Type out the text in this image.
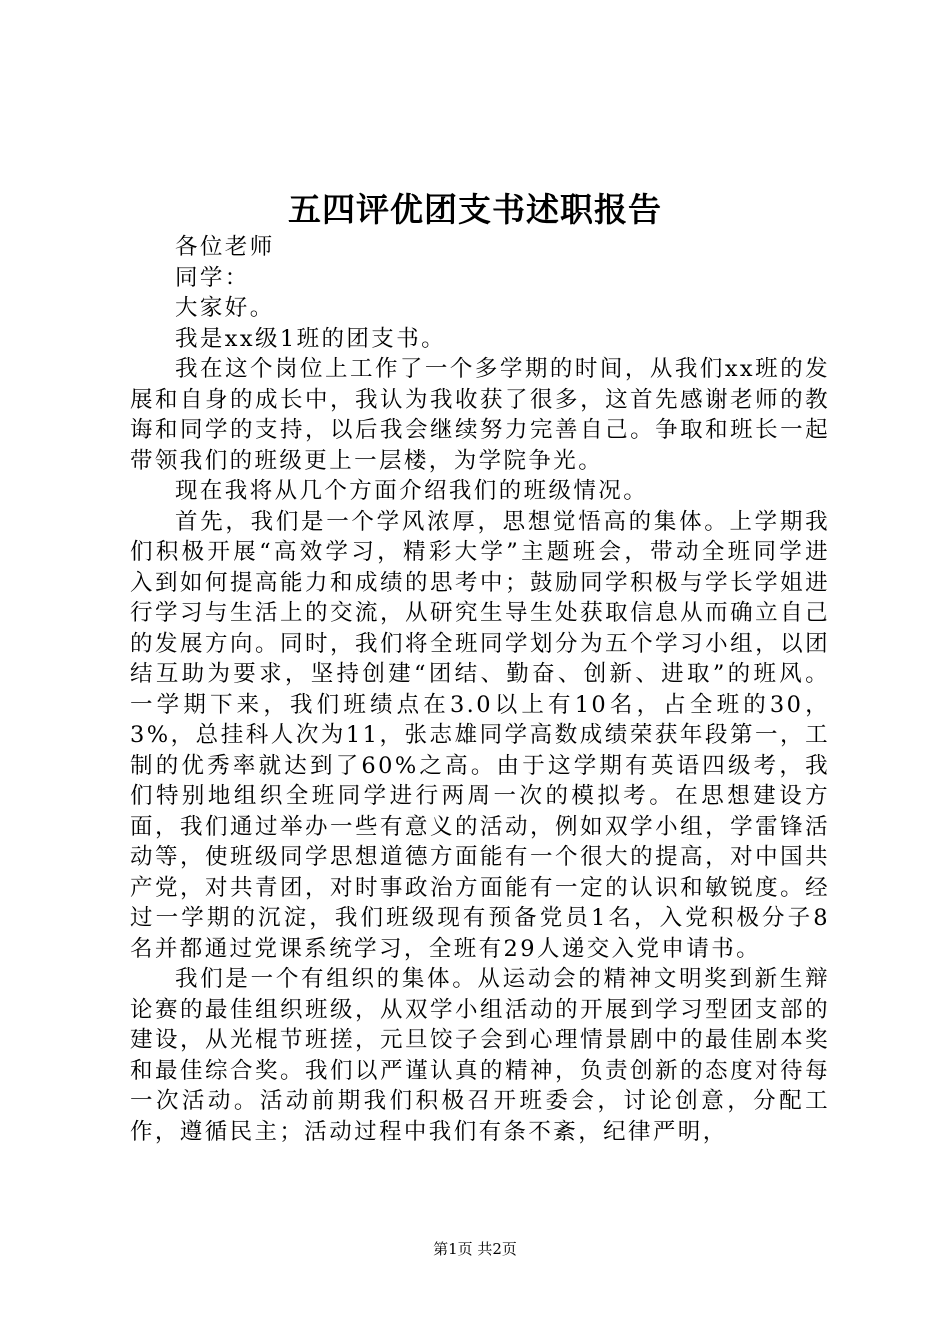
五四评优团支书述职报告

各位老师

同学：

大家好。

我是xx级1班的团支书。

我在这个岗位上工作了一个多学期的时间，从我们xx班的发展和自身的成长中，我认为我收获了很多，这首先感谢老师的教诲和同学的支持，以后我会继续努力完善自己。争取和班长一起带领我们的班级更上一层楼，为学院争光。

现在我将从几个方面介绍我们的班级情况。

首先，我们是一个学风浓厚，思想觉悟高的集体。上学期我们积极开展“高效学习，精彩大学”主题班会，带动全班同学进入到如何提高能力和成绩的思考中；鼓励同学积极与学长学姐进行学习与生活上的交流，从研究生导生处获取信息从而确立自己的发展方向。同时，我们将全班同学划分为五个学习小组，以团结互助为要求，坚持创建“团结、勤奋、创新、进取”的班风。一学期下来，我们班绩点在3.0以上有10名，占全班的30，3%，总挂科人次为11，张志雄同学高数成绩荣获年段第一，工制的优秀率就达到了60%之高。由于这学期有英语四级考，我们特别地组织全班同学进行两周一次的模拟考。在思想建设方面，我们通过举办一些有意义的活动，例如双学小组，学雷锋活动等，使班级同学思想道德方面能有一个很大的提高，对中国共产党，对共青团，对时事政治方面能有一定的认识和敏锐度。经过一学期的沉淀，我们班级现有预备党员1名，入党积极分子8名并都通过党课系统学习，全班有29人递交入党申请书。

我们是一个有组织的集体。从运动会的精神文明奖到新生辩论赛的最佳组织班级，从双学小组活动的开展到学习型团支部的建设，从光棍节班搓，元旦饺子会到心理情景剧中的最佳剧本奖和最佳综合奖。我们以严谨认真的精神，负责创新的态度对待每一次活动。活动前期我们积极召开班委会，讨论创意，分配工作，遵循民主；活动过程中我们有条不紊，纪律严明，

第1页 共2页
